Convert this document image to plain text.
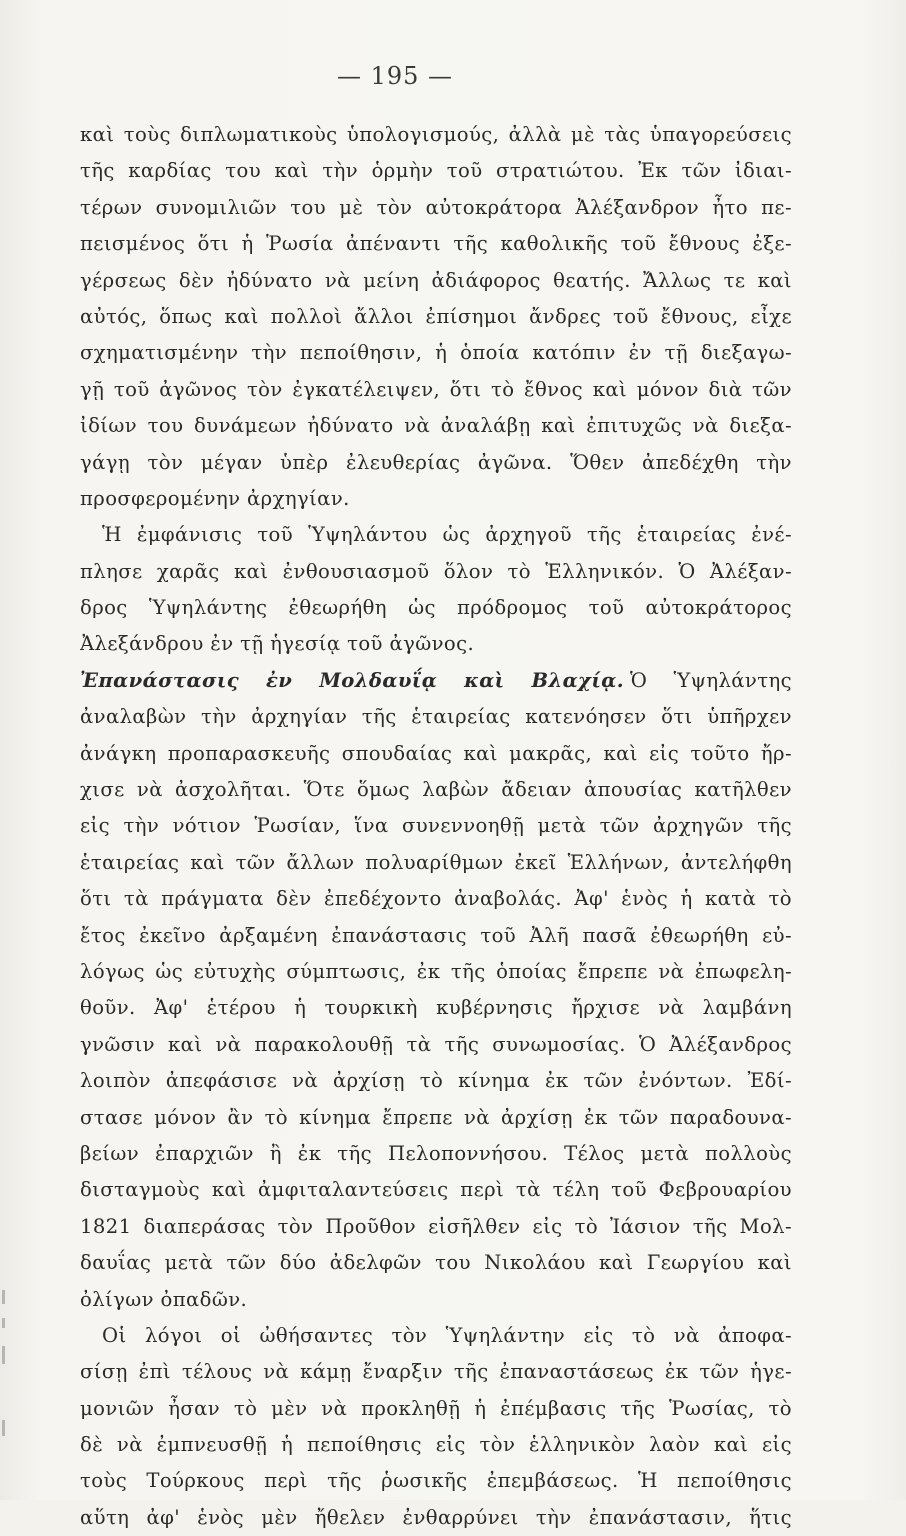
— 195 —
καὶ τοὺς διπλωματικοὺς ὑπολογισμούς, ἀλλὰ μὲ τὰς ὑπαγορεύσεις
τῆς καρδίας του καὶ τὴν ὁρμὴν τοῦ στρατιώτου. Ἐκ τῶν ἰδιαι-
τέρων συνομιλιῶν του μὲ τὸν αὐτοκράτορα Ἀλέξανδρον ἦτο πε-
πεισμένος ὅτι ἡ Ῥωσία ἀπέναντι τῆς καθολικῆς τοῦ ἔθνους ἐξε-
γέρσεως δὲν ἠδύνατο νὰ μείνη ἀδιάφορος θεατής. Ἄλλως τε καὶ
αὐτός, ὅπως καὶ πολλοὶ ἄλλοι ἐπίσημοι ἄνδρες τοῦ ἔθνους, εἶχε
σχηματισμένην τὴν πεποίθησιν, ἡ ὁποία κατόπιν ἐν τῇ διεξαγω-
γῇ τοῦ ἀγῶνος τὸν ἐγκατέλειψεν, ὅτι τὸ ἔθνος καὶ μόνον διὰ τῶν
ἰδίων του δυνάμεων ἠδύνατο νὰ ἀναλάβῃ καὶ ἐπιτυχῶς νὰ διεξα-
γάγῃ τὸν μέγαν ὑπὲρ ἐλευθερίας ἀγῶνα. Ὅθεν ἀπεδέχθη τὴν
προσφερομένην ἀρχηγίαν.
Ἡ ἐμφάνισις τοῦ Ὑψηλάντου ὡς ἀρχηγοῦ τῆς ἑταιρείας ἐνέ-
πλησε χαρᾶς καὶ ἐνθουσιασμοῦ ὅλον τὸ Ἑλληνικόν. Ὁ Ἀλέξαν-
δρος Ὑψηλάντης ἐθεωρήθη ὡς πρόδρομος τοῦ αὐτοκράτορος
Ἀλεξάνδρου ἐν τῇ ἡγεσίᾳ τοῦ ἀγῶνος.
Ἐπανάστασις ἐν Μολδαυΐᾳ καὶ Βλαχίᾳ. Ὁ Ὑψηλάντης
ἀναλαβὼν τὴν ἀρχηγίαν τῆς ἑταιρείας κατενόησεν ὅτι ὑπῆρχεν
ἀνάγκη προπαρασκευῆς σπουδαίας καὶ μακρᾶς, καὶ εἰς τοῦτο ἤρ-
χισε νὰ ἀσχολῆται. Ὅτε ὅμως λαβὼν ἄδειαν ἀπουσίας κατῆλθεν
εἰς τὴν νότιον Ῥωσίαν, ἵνα συνεννοηθῇ μετὰ τῶν ἀρχηγῶν τῆς
ἑταιρείας καὶ τῶν ἄλλων πολυαρίθμων ἐκεῖ Ἑλλήνων, ἀντελήφθη
ὅτι τὰ πράγματα δὲν ἐπεδέχοντο ἀναβολάς. Ἀφ' ἑνὸς ἡ κατὰ τὸ
ἔτος ἐκεῖνο ἀρξαμένη ἐπανάστασις τοῦ Ἀλῆ πασᾶ ἐθεωρήθη εὐ-
λόγως ὡς εὐτυχὴς σύμπτωσις, ἐκ τῆς ὁποίας ἔπρεπε νὰ ἐπωφελη-
θοῦν. Ἀφ' ἑτέρου ἡ τουρκικὴ κυβέρνησις ἤρχισε νὰ λαμβάνη
γνῶσιν καὶ νὰ παρακολουθῇ τὰ τῆς συνωμοσίας. Ὁ Ἀλέξανδρος
λοιπὸν ἀπεφάσισε νὰ ἀρχίσῃ τὸ κίνημα ἐκ τῶν ἐνόντων. Ἐδί-
στασε μόνον ἂν τὸ κίνημα ἔπρεπε νὰ ἀρχίσῃ ἐκ τῶν παραδουνα-
βείων ἐπαρχιῶν ἢ ἐκ τῆς Πελοποννήσου. Τέλος μετὰ πολλοὺς
δισταγμοὺς καὶ ἀμφιταλαντεύσεις περὶ τὰ τέλη τοῦ Φεβρουαρίου
1821 διαπεράσας τὸν Προῦθον εἰσῆλθεν εἰς τὸ Ἰάσιον τῆς Μολ-
δαυΐας μετὰ τῶν δύο ἀδελφῶν του Νικολάου καὶ Γεωργίου καὶ
ὀλίγων ὀπαδῶν.
Οἱ λόγοι οἱ ὠθήσαντες τὸν Ὑψηλάντην εἰς τὸ νὰ ἀποφα-
σίσῃ ἐπὶ τέλους νὰ κάμῃ ἔναρξιν τῆς ἐπαναστάσεως ἐκ τῶν ἡγε-
μονιῶν ἦσαν τὸ μὲν νὰ προκληθῇ ἡ ἐπέμβασις τῆς Ῥωσίας, τὸ
δὲ νὰ ἐμπνευσθῇ ἡ πεποίθησις εἰς τὸν ἑλληνικὸν λαὸν καὶ εἰς
τοὺς Τούρκους περὶ τῆς ῥωσικῆς ἐπεμβάσεως. Ἡ πεποίθησις
αὕτη ἀφ' ἑνὸς μὲν ἤθελεν ἐνθαρρύνει τὴν ἐπανάστασιν, ἥτις
